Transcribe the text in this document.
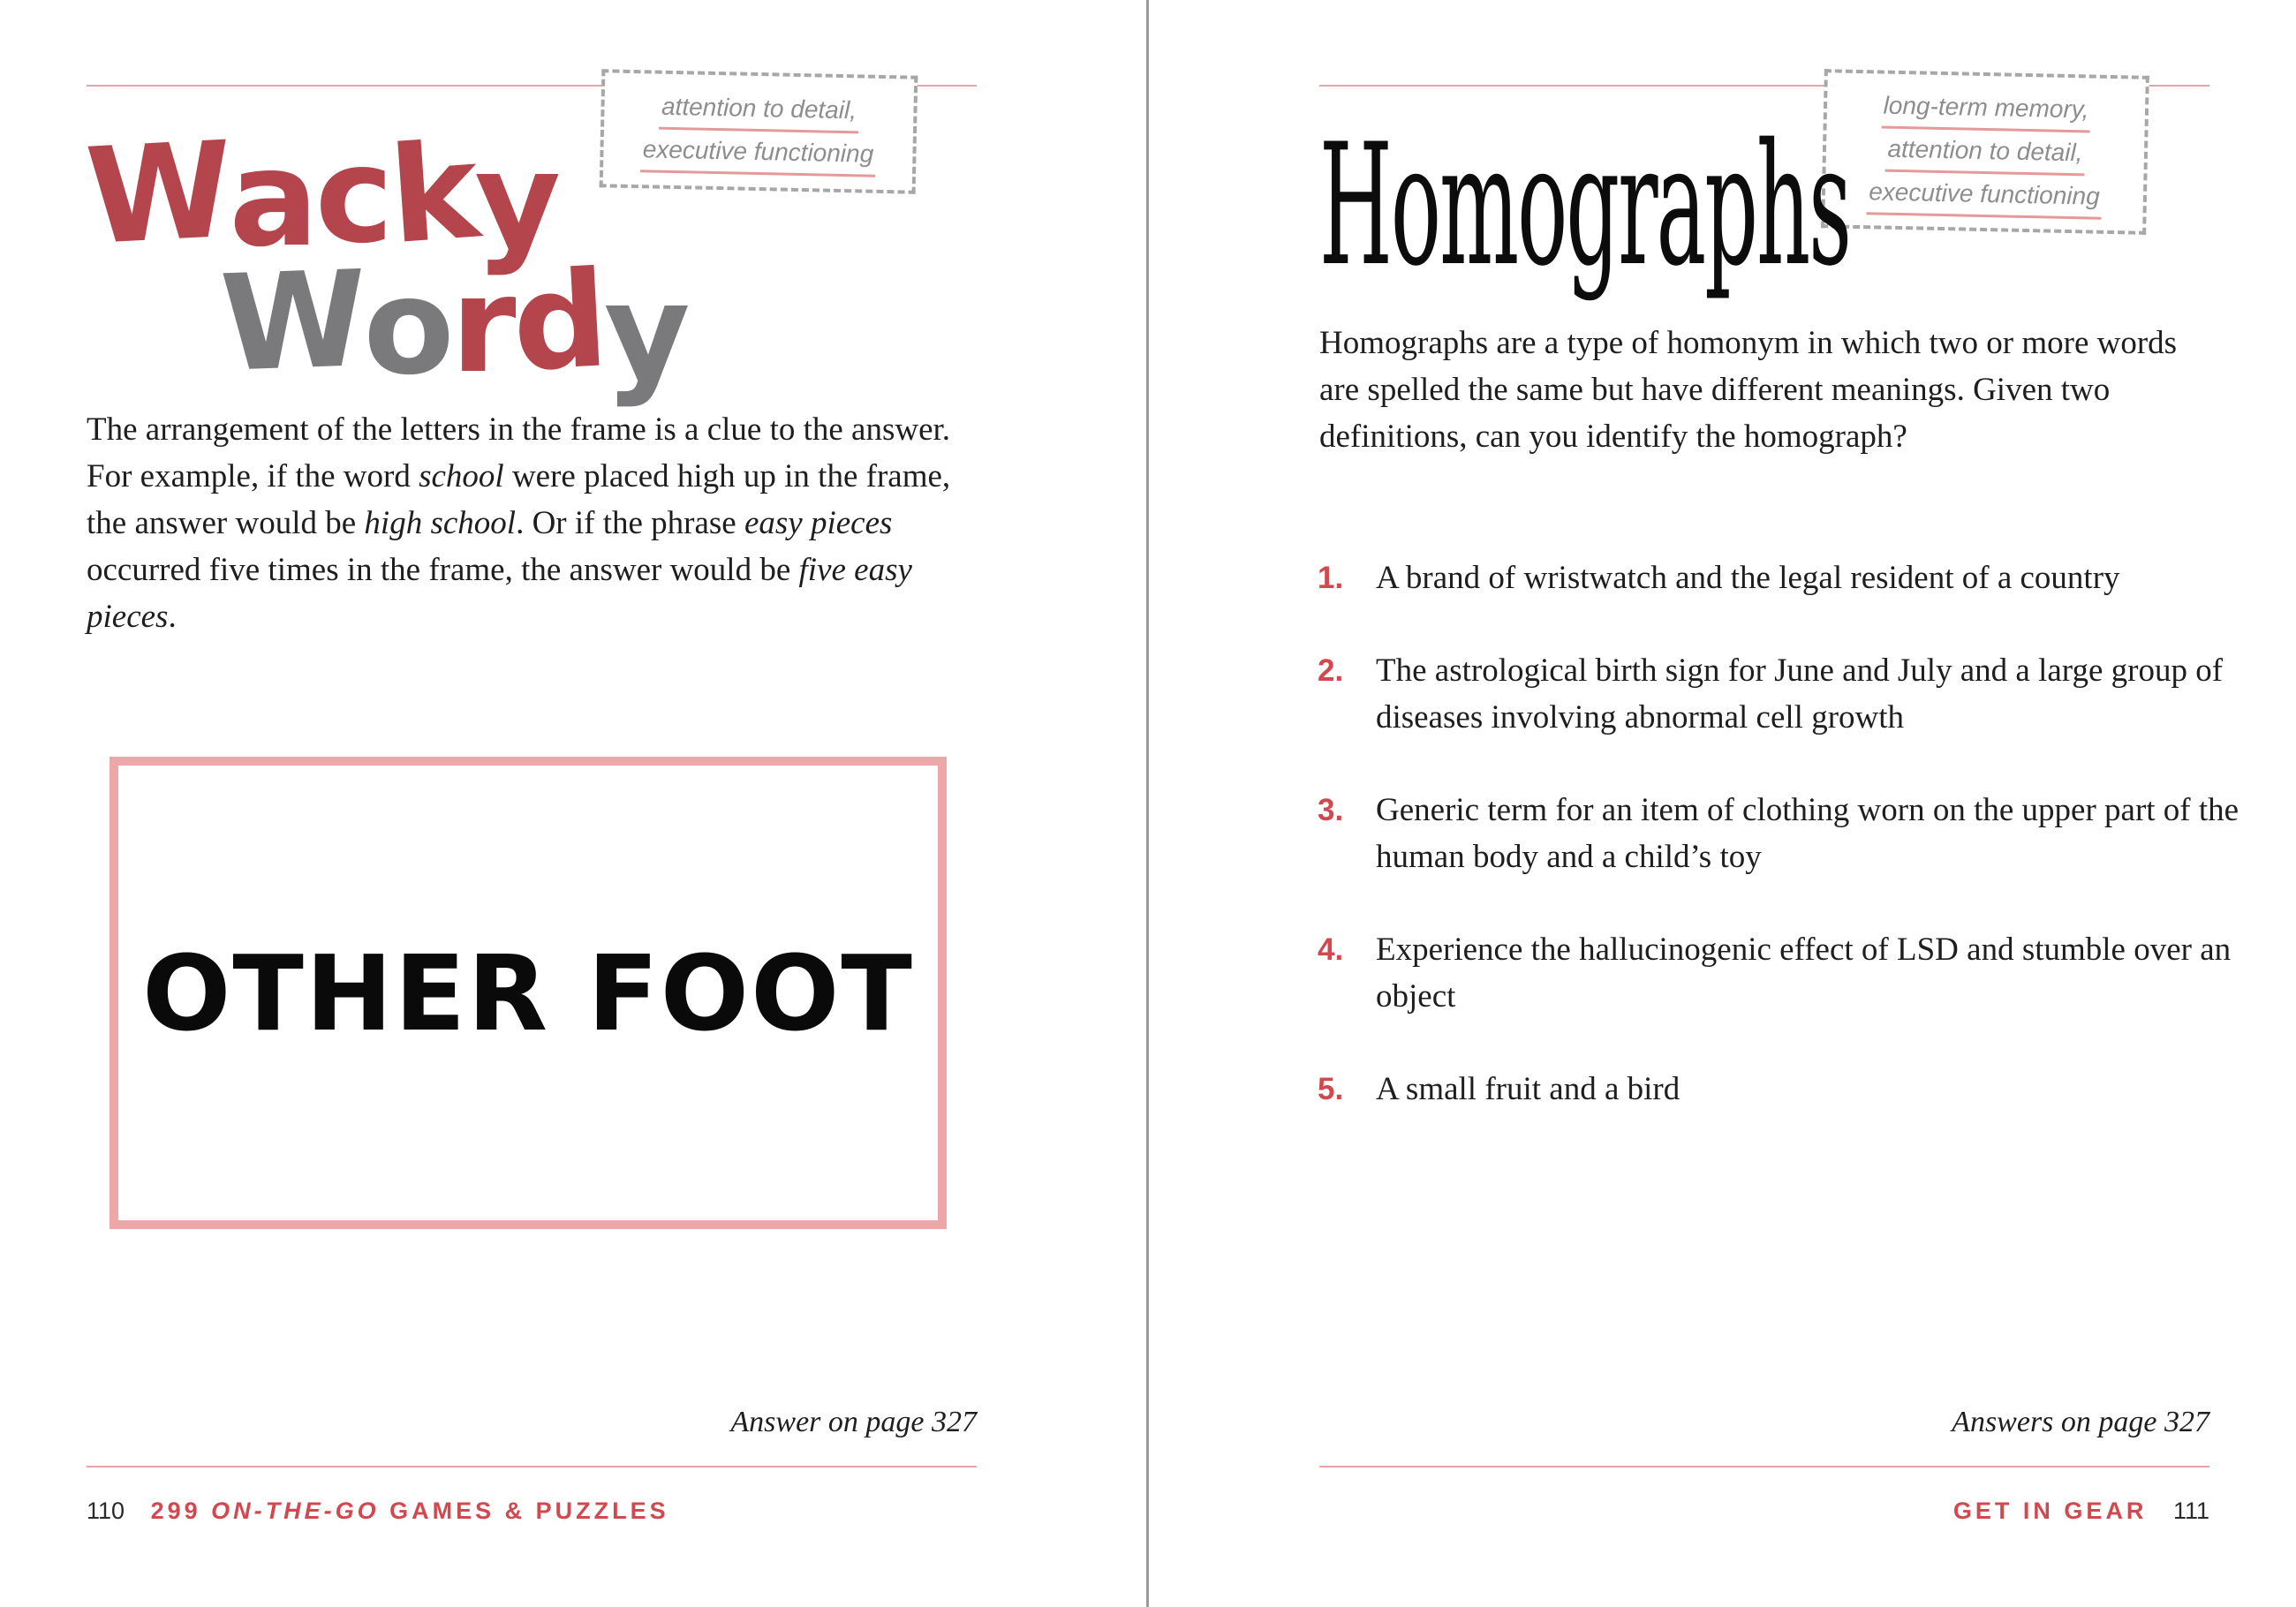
attention to detail,
executive functioning
Wacky
Wordy

The arrangement of the letters in the frame is a clue to the answer. For example, if the word school were placed high up in the frame, the answer would be high school. Or if the phrase easy pieces occurred five times in the frame, the answer would be five easy pieces.

OTHER FOOT
Answer on page 327
110 299 ON-THE-GO GAMES & PUZZLES
long-term memory,
attention to detail,
executive functioning
Homographs

Homographs are a type of homonym in which two or more words are spelled the same but have different meanings. Given two definitions, can you identify the homograph?

1. A brand of wristwatch and the legal resident of a country
2. The astrological birth sign for June and July and a large group of diseases involving abnormal cell growth
3. Generic term for an item of clothing worn on the upper part of the human body and a child’s toy
4. Experience the hallucinogenic effect of LSD and stumble over an object
5. A small fruit and a bird
Answers on page 327
GET IN GEAR 111
